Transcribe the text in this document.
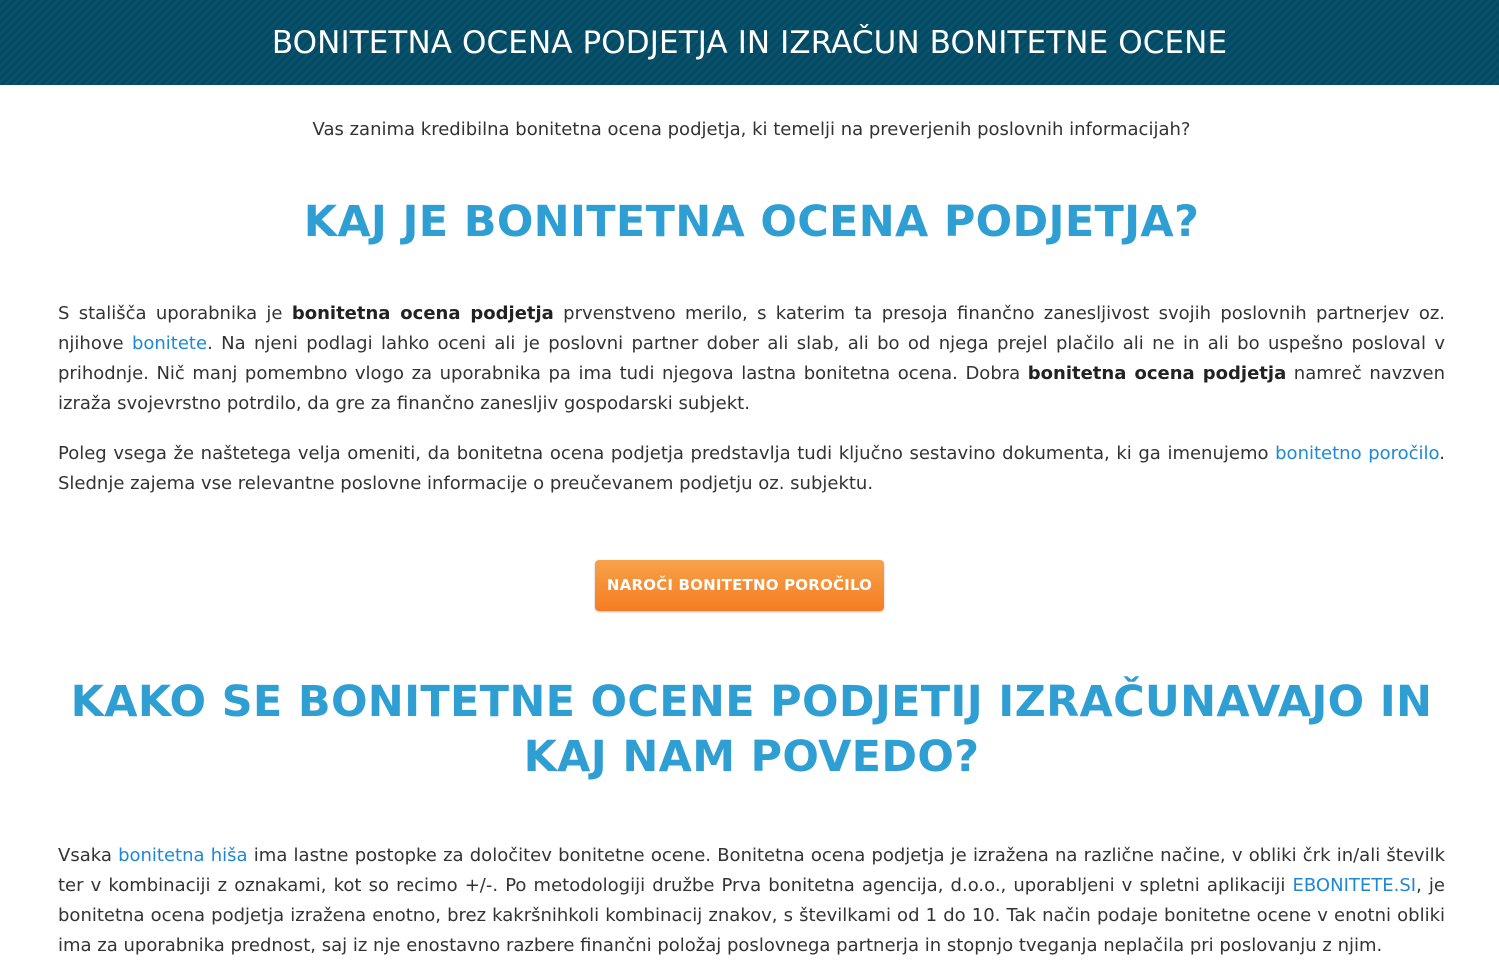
BONITETNA OCENA PODJETJA IN IZRAČUN BONITETNE OCENE

Vas zanima kredibilna bonitetna ocena podjetja, ki temelji na preverjenih poslovnih informacijah?

KAJ JE BONITETNA OCENA PODJETJA?

S stališča uporabnika je bonitetna ocena podjetja prvenstveno merilo, s katerim ta presoja finančno zanesljivost svojih poslovnih partnerjev oz. njihove bonitete. Na njeni podlagi lahko oceni ali je poslovni partner dober ali slab, ali bo od njega prejel plačilo ali ne in ali bo uspešno posloval v prihodnje. Nič manj pomembno vlogo za uporabnika pa ima tudi njegova lastna bonitetna ocena. Dobra bonitetna ocena podjetja namreč navzven izraža svojevrstno potrdilo, da gre za finančno zanesljiv gospodarski subjekt.

Poleg vsega že naštetega velja omeniti, da bonitetna ocena podjetja predstavlja tudi ključno sestavino dokumenta, ki ga imenujemo bonitetno poročilo. Slednje zajema vse relevantne poslovne informacije o preučevanem podjetju oz. subjektu.

NAROČI BONITETNO POROČILO
KAKO SE BONITETNE OCENE PODJETIJ IZRAČUNAVAJO IN KAJ NAM POVEDO?

Vsaka bonitetna hiša ima lastne postopke za določitev bonitetne ocene. Bonitetna ocena podjetja je izražena na različne načine, v obliki črk in/ali številk ter v kombinaciji z oznakami, kot so recimo +/-. Po metodologiji družbe Prva bonitetna agencija, d.o.o., uporabljeni v spletni aplikaciji EBONITETE.SI, je bonitetna ocena podjetja izražena enotno, brez kakršnihkoli kombinacij znakov, s številkami od 1 do 10. Tak način podaje bonitetne ocene v enotni obliki ima za uporabnika prednost, saj iz nje enostavno razbere finančni položaj poslovnega partnerja in stopnjo tveganja neplačila pri poslovanju z njim.
